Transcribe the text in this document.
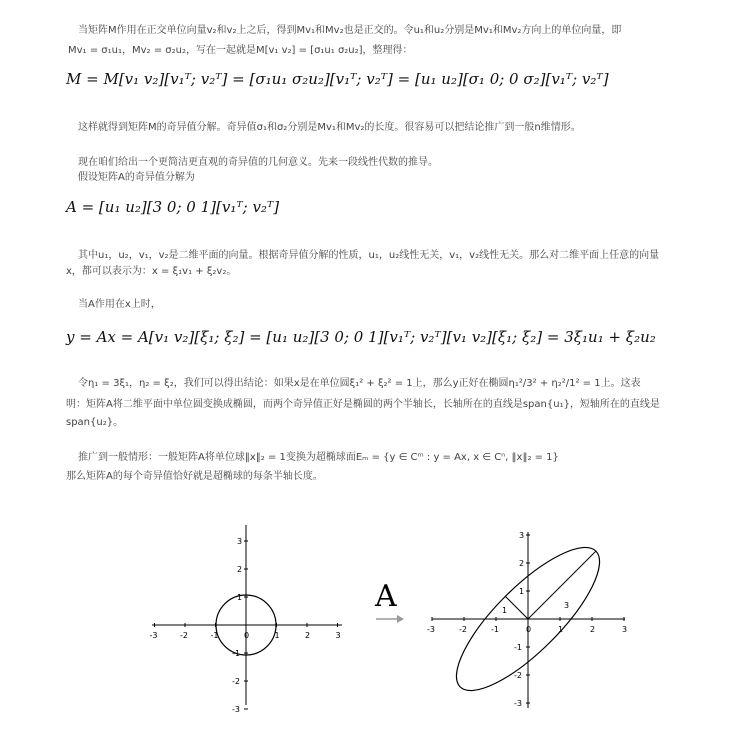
当矩阵M作用在正交单位向量v₂和v₂上之后，得到Mv₁和Mv₂也是正交的。令u₁和u₂分别是Mv₁和Mv₂方向上的单位向量，即
Mv₁ = σ₁u₁，Mv₂ = σ₂u₂，写在一起就是M[v₁ v₂] = [σ₁u₁ σ₂u₂]，整理得：
M = M[v₁ v₂][v₁ᵀ; v₂ᵀ] = [σ₁u₁ σ₂u₂][v₁ᵀ; v₂ᵀ] = [u₁ u₂][σ₁ 0; 0 σ₂][v₁ᵀ; v₂ᵀ]
这样就得到矩阵M的奇异值分解。奇异值σ₁和σ₂分别是Mv₁和Mv₂的长度。很容易可以把结论推广到一般n维情形。
现在咱们给出一个更简洁更直观的奇异值的几何意义。先来一段线性代数的推导。
假设矩阵A的奇异值分解为
A = [u₁ u₂][3 0; 0 1][v₁ᵀ; v₂ᵀ]
其中u₁，u₂，v₁，v₂是二维平面的向量。根据奇异值分解的性质，u₁，u₂线性无关，v₁，v₂线性无关。那么对二维平面上任意的向量
x，都可以表示为：x = ξ₁v₁ + ξ₂v₂。
当A作用在x上时，
y = Ax = A[v₁ v₂][ξ₁; ξ₂] = [u₁ u₂][3 0; 0 1][v₁ᵀ; v₂ᵀ][v₁ v₂][ξ₁; ξ₂] = 3ξ₁u₁ + ξ₂u₂
令η₁ = 3ξ₁，η₂ = ξ₂，我们可以得出结论：如果x是在单位圆ξ₁² + ξ₂² = 1上，那么y正好在椭圆η₁²/3² + η₂²/1² = 1上。这表
明：矩阵A将二维平面中单位圆变换成椭圆，而两个奇异值正好是椭圆的两个半轴长，长轴所在的直线是span{u₁}，短轴所在的直线是
span{u₂}。
推广到一般情形：一般矩阵A将单位球‖x‖₂ = 1变换为超椭球面Eₘ = {y ∈ Cᵐ : y = Ax, x ∈ Cⁿ, ‖x‖₂ = 1}
那么矩阵A的每个奇异值恰好就是超椭球的每条半轴长度。
-3	-2	-1	0	1	2	3
3
2
1
-1
-2
-3
A	1
3
-3	-2	-1	0	1	2	3
3
2
1
-1
-2
-3
